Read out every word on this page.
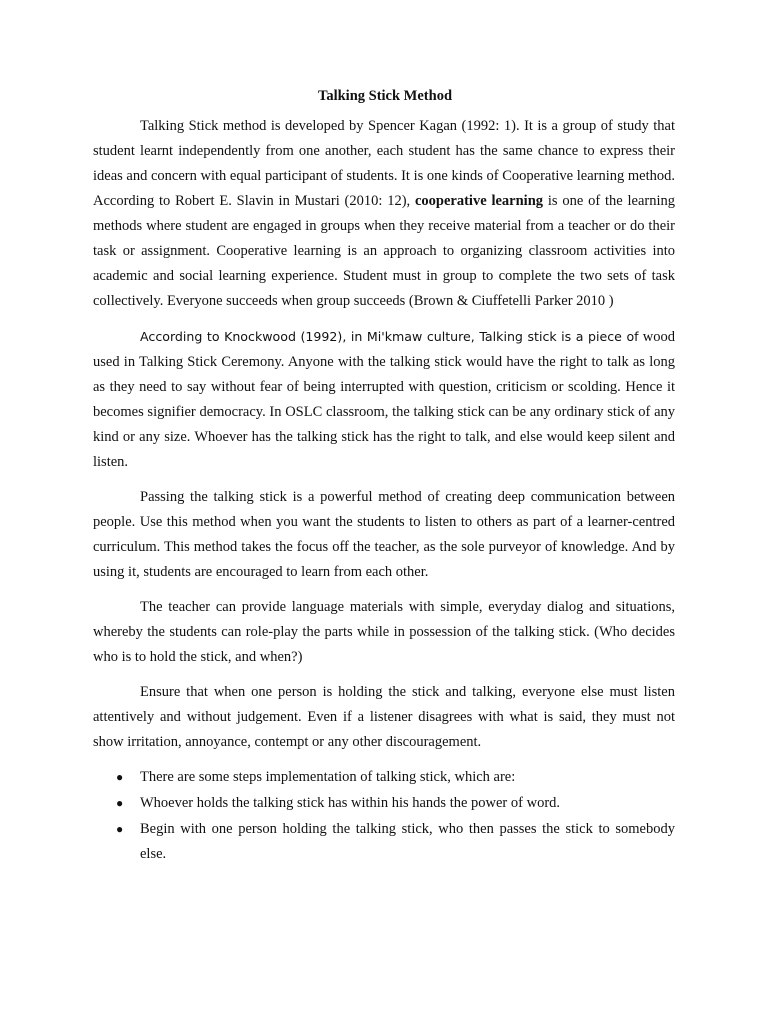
Talking Stick Method

Talking Stick method is developed by Spencer Kagan (1992: 1). It is a group of study that student learnt independently from one another, each student has the same chance to express their ideas and concern with equal participant of students. It is one kinds of Cooperative learning method. According to Robert E. Slavin in Mustari (2010: 12), cooperative learning is one of the learning methods where student are engaged in groups when they receive material from a teacher or do their task or assignment. Cooperative learning is an approach to organizing classroom activities into academic and social learning experience. Student must in group to complete the two sets of task collectively. Everyone succeeds when group succeeds (Brown & Ciuffetelli Parker 2010 )

According to Knockwood (1992), in Mi'kmaw culture, Talking stick is a piece of wood used in Talking Stick Ceremony. Anyone with the talking stick would have the right to talk as long as they need to say without fear of being interrupted with question, criticism or scolding. Hence it becomes signifier democracy. In OSLC classroom, the talking stick can be any ordinary stick of any kind or any size. Whoever has the talking stick has the right to talk, and else would keep silent and listen.

Passing the talking stick is a powerful method of creating deep communication between people. Use this method when you want the students to listen to others as part of a learner-centred curriculum. This method takes the focus off the teacher, as the sole purveyor of knowledge. And by using it, students are encouraged to learn from each other.

The teacher can provide language materials with simple, everyday dialog and situations, whereby the students can role-play the parts while in possession of the talking stick. (Who decides who is to hold the stick, and when?)

Ensure that when one person is holding the stick and talking, everyone else must listen attentively and without judgement. Even if a listener disagrees with what is said, they must not show irritation, annoyance, contempt or any other discouragement.

● There are some steps implementation of talking stick, which are:
● Whoever holds the talking stick has within his hands the power of word.
● Begin with one person holding the talking stick, who then passes the stick to somebody else.
